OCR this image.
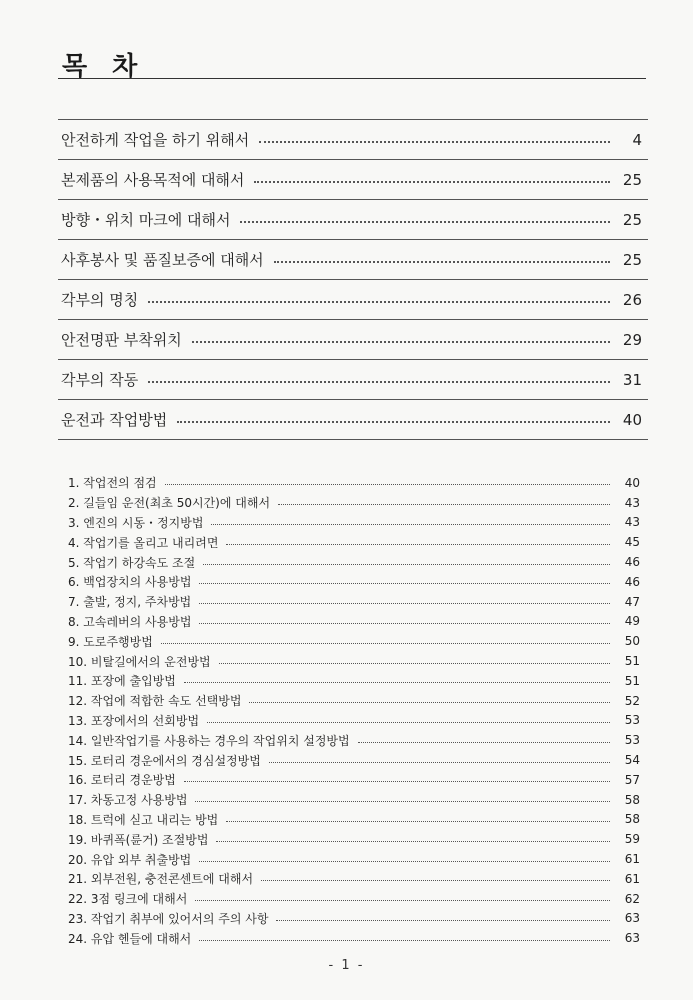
목 차
안전하게 작업을 하기 위해서	4
본제품의 사용목적에 대해서	25
방향・위치 마크에 대해서	25
사후봉사 및 품질보증에 대해서	25
각부의 명칭	26
안전명판 부착위치	29
각부의 작동	31
운전과 작업방법	40
1. 작업전의 점검	40
2. 길들임 운전(최초 50시간)에 대해서	43
3. 엔진의 시동・정지방법	43
4. 작업기를 올리고 내리려면	45
5. 작업기 하강속도 조절	46
6. 백업장치의 사용방법	46
7. 출발, 정지, 주차방법	47
8. 고속레버의 사용방법	49
9. 도로주행방법	50
10. 비탈길에서의 운전방법	51
11. 포장에 출입방법	51
12. 작업에 적합한 속도 선택방법	52
13. 포장에서의 선회방법	53
14. 일반작업기를 사용하는 경우의 작업위치 설정방법	53
15. 로터리 경운에서의 경심설정방법	54
16. 로터리 경운방법	57
17. 차동고정 사용방법	58
18. 트럭에 싣고 내리는 방법	58
19. 바퀴폭(륜거) 조절방법	59
20. 유압 외부 취출방법	61
21. 외부전원, 충전콘센트에 대해서	61
22. 3점 링크에 대해서	62
23. 작업기 취부에 있어서의 주의 사항	63
24. 유압 헨들에 대해서	63
- 1 -
